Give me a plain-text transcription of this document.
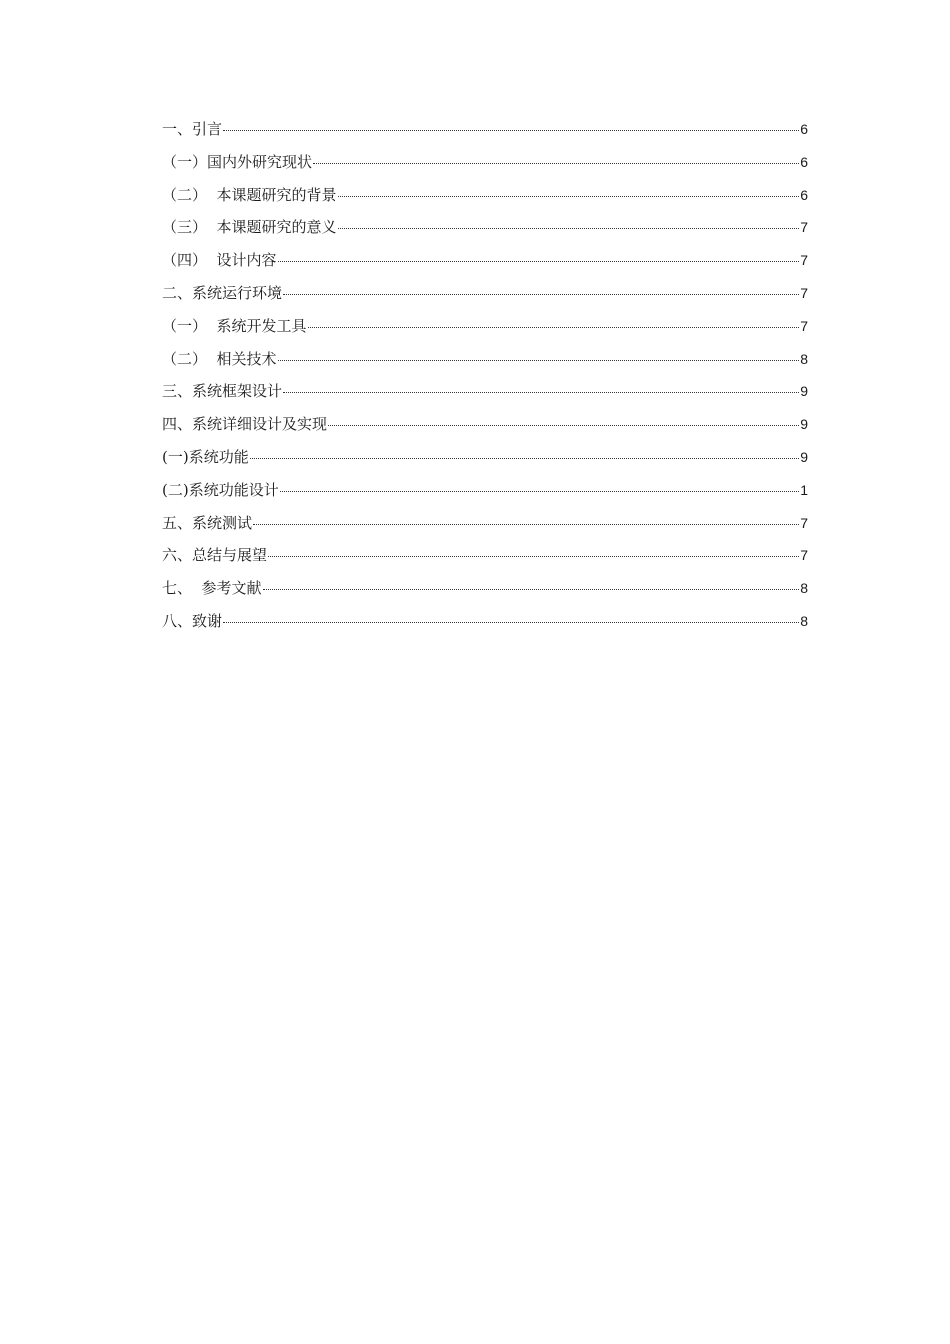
一、引言	6
（一）国内外研究现状	6
（二）  本课题研究的背景	6
（三）  本课题研究的意义	7
（四）  设计内容	7
二、系统运行环境	7
（一）  系统开发工具	7
（二）  相关技术	8
三、系统框架设计	9
四、系统详细设计及实现	9
(一)系统功能	9
(二)系统功能设计	1
五、系统测试	7
六、总结与展望	7
七、  参考文献	8
八、致谢	8
